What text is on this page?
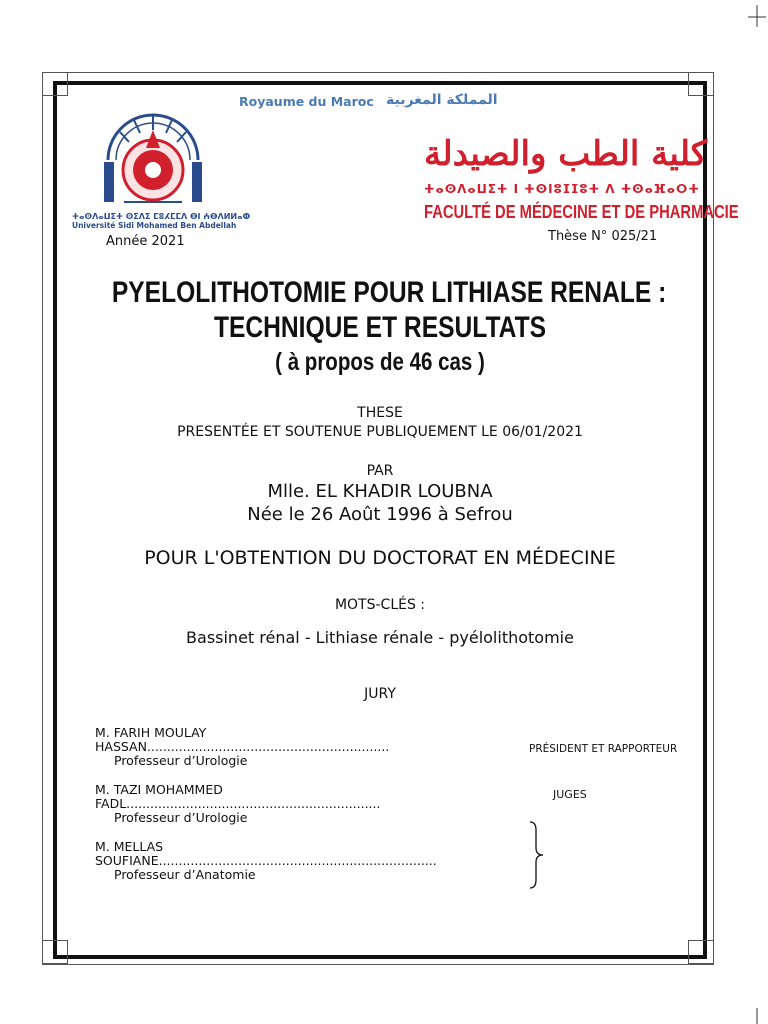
ⵜⴰⵙⴷⴰⵡⵉⵜ ⵙⵉⴷⵉ ⵎⵓⵃⵎⵎⴷ ⴱⵏ ⵄⴱⴷⵍⵍⴰⵀ
Université Sidi Mohamed Ben Abdellah
Année 2021
Royaume du Maroc المملكة المغربية
كلية الطب والصيدلة
ⵜⴰⵙⴷⴰⵡⵉⵜ ⵏ ⵜⵙⵏⵓⵊⵊⵓⵜ ⴷ ⵜⵙⴰⴼⴰⵔⵜ
FACULTÉ DE MÉDECINE ET DE PHARMACIE
Thèse N° 025/21
PYELOLITHOTOMIE POUR LITHIASE RENALE :
TECHNIQUE ET RESULTATS
( à propos de 46 cas )
THESE
PRESENTÉE ET SOUTENUE PUBLIQUEMENT LE 06/01/2021
PAR
Mlle. EL KHADIR LOUBNA
Née le 26 Août 1996 à Sefrou
POUR L'OBTENTION DU DOCTORAT EN MÉDECINE
MOTS-CLÉS :
Bassinet rénal - Lithiase rénale - pyélolithotomie
JURY
M. FARIH MOULAY
HASSAN.............................................................
Professeur d’Urologie
M. TAZI MOHAMMED
FADL................................................................
Professeur d’Urologie
M. MELLAS
SOUFIANE......................................................................
Professeur d’Anatomie
PRÉSIDENT ET RAPPORTEUR
JUGES
